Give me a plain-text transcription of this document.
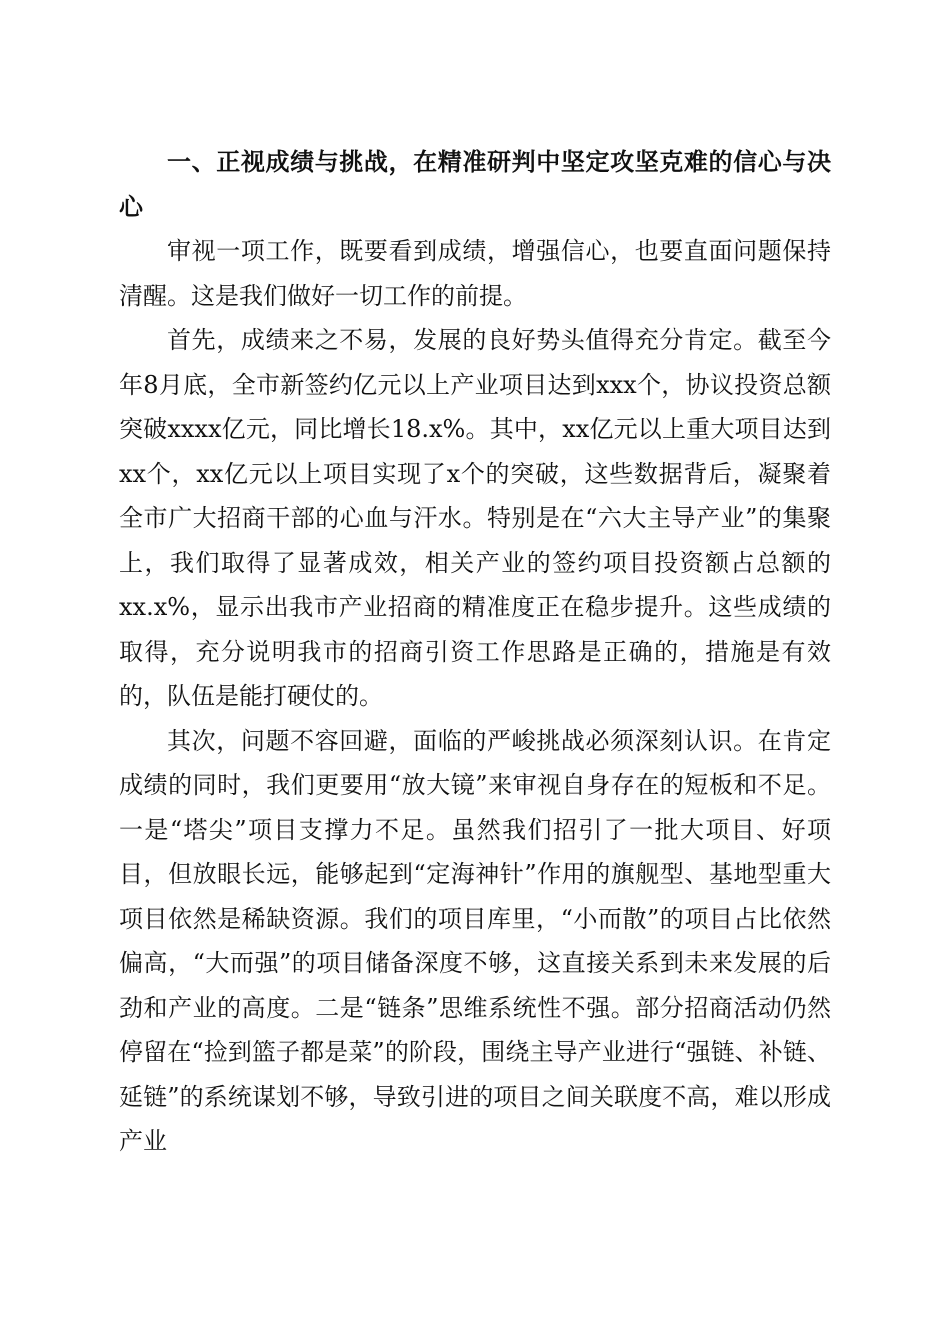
一、正视成绩与挑战，在精准研判中坚定攻坚克难的信心与决心

审视一项工作，既要看到成绩，增强信心，也要直面问题保持清醒。这是我们做好一切工作的前提。

首先，成绩来之不易，发展的良好势头值得充分肯定。截至今年8月底，全市新签约亿元以上产业项目达到xxx个，协议投资总额突破xxxx亿元，同比增长18.x%。其中，xx亿元以上重大项目达到xx个，xx亿元以上项目实现了x个的突破，这些数据背后，凝聚着全市广大招商干部的心血与汗水。特别是在“六大主导产业”的集聚上，我们取得了显著成效，相关产业的签约项目投资额占总额的xx.x%，显示出我市产业招商的精准度正在稳步提升。这些成绩的取得，充分说明我市的招商引资工作思路是正确的，措施是有效的，队伍是能打硬仗的。

其次，问题不容回避，面临的严峻挑战必须深刻认识。在肯定成绩的同时，我们更要用“放大镜”来审视自身存在的短板和不足。一是“塔尖”项目支撑力不足。虽然我们招引了一批大项目、好项目，但放眼长远，能够起到“定海神针”作用的旗舰型、基地型重大项目依然是稀缺资源。我们的项目库里，“小而散”的项目占比依然偏高，“大而强”的项目储备深度不够，这直接关系到未来发展的后劲和产业的高度。二是“链条”思维系统性不强。部分招商活动仍然停留在“捡到篮子都是菜”的阶段，围绕主导产业进行“强链、补链、延链”的系统谋划不够，导致引进的项目之间关联度不高，难以形成产业
